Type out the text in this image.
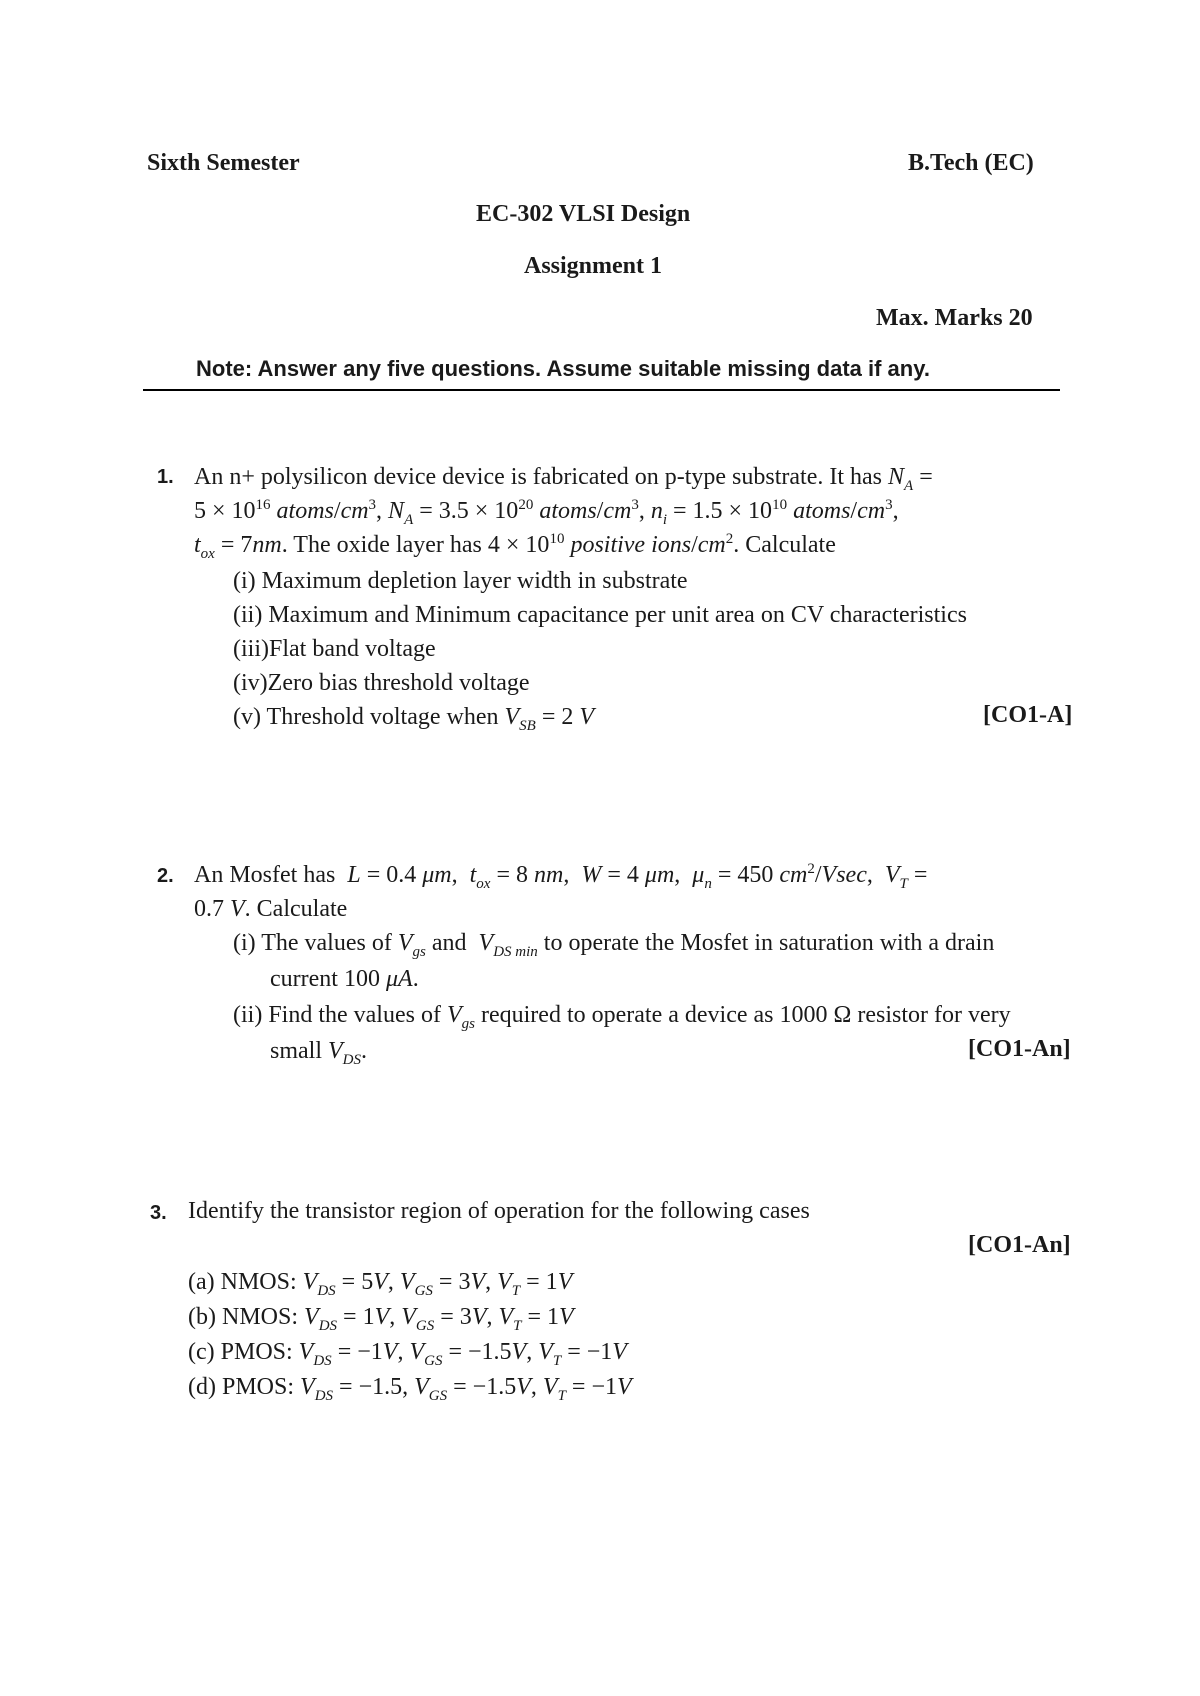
Sixth Semester	B.Tech (EC)
EC-302 VLSI Design
Assignment 1
Max. Marks 20
Note: Answer any five questions. Assume suitable missing data if any.
1. An n+ polysilicon device device is fabricated on p-type substrate. It has $N_A$ =
$5 \times 10^{16}$ atoms/$cm^3$, $N_A = 3.5 \times 10^{20}$ atoms/$cm^3$, $n_i = 1.5 \times 10^{10}$ atoms/$cm^3$,
$t_{ox} = 7nm$. The oxide layer has $4 \times 10^{10}$ positive ions/$cm^2$. Calculate
(i) Maximum depletion layer width in substrate
(ii) Maximum and Minimum capacitance per unit area on CV characteristics
(iii)Flat band voltage
(iv)Zero bias threshold voltage
(v) Threshold voltage when $V_{SB} = 2$ V	[CO1-A]
2. An Mosfet has L = 0.4 μm,  $t_{ox} = 8$ nm,  W = 4 μm,  $\mu_n = 450$ $cm^2$/Vsec,  $V_T$ =
0.7 V. Calculate
(i) The values of $V_{gs}$ and $V_{DS min}$ to operate the Mosfet in saturation with a drain
current 100 μA.
(ii) Find the values of $V_{gs}$ required to operate a device as 1000 Ω resistor for very
small $V_{DS}$.	[CO1-An]
3. Identify the transistor region of operation for the following cases
[CO1-An]
(a) NMOS: $V_{DS} = 5V$, $V_{GS} = 3V$, $V_T = 1V$
(b) NMOS: $V_{DS} = 1V$, $V_{GS} = 3V$, $V_T = 1V$
(c) PMOS: $V_{DS} = -1V$, $V_{GS} = -1.5V$, $V_T = -1V$
(d) PMOS: $V_{DS} = -1.5$, $V_{GS} = -1.5V$, $V_T = -1V$
